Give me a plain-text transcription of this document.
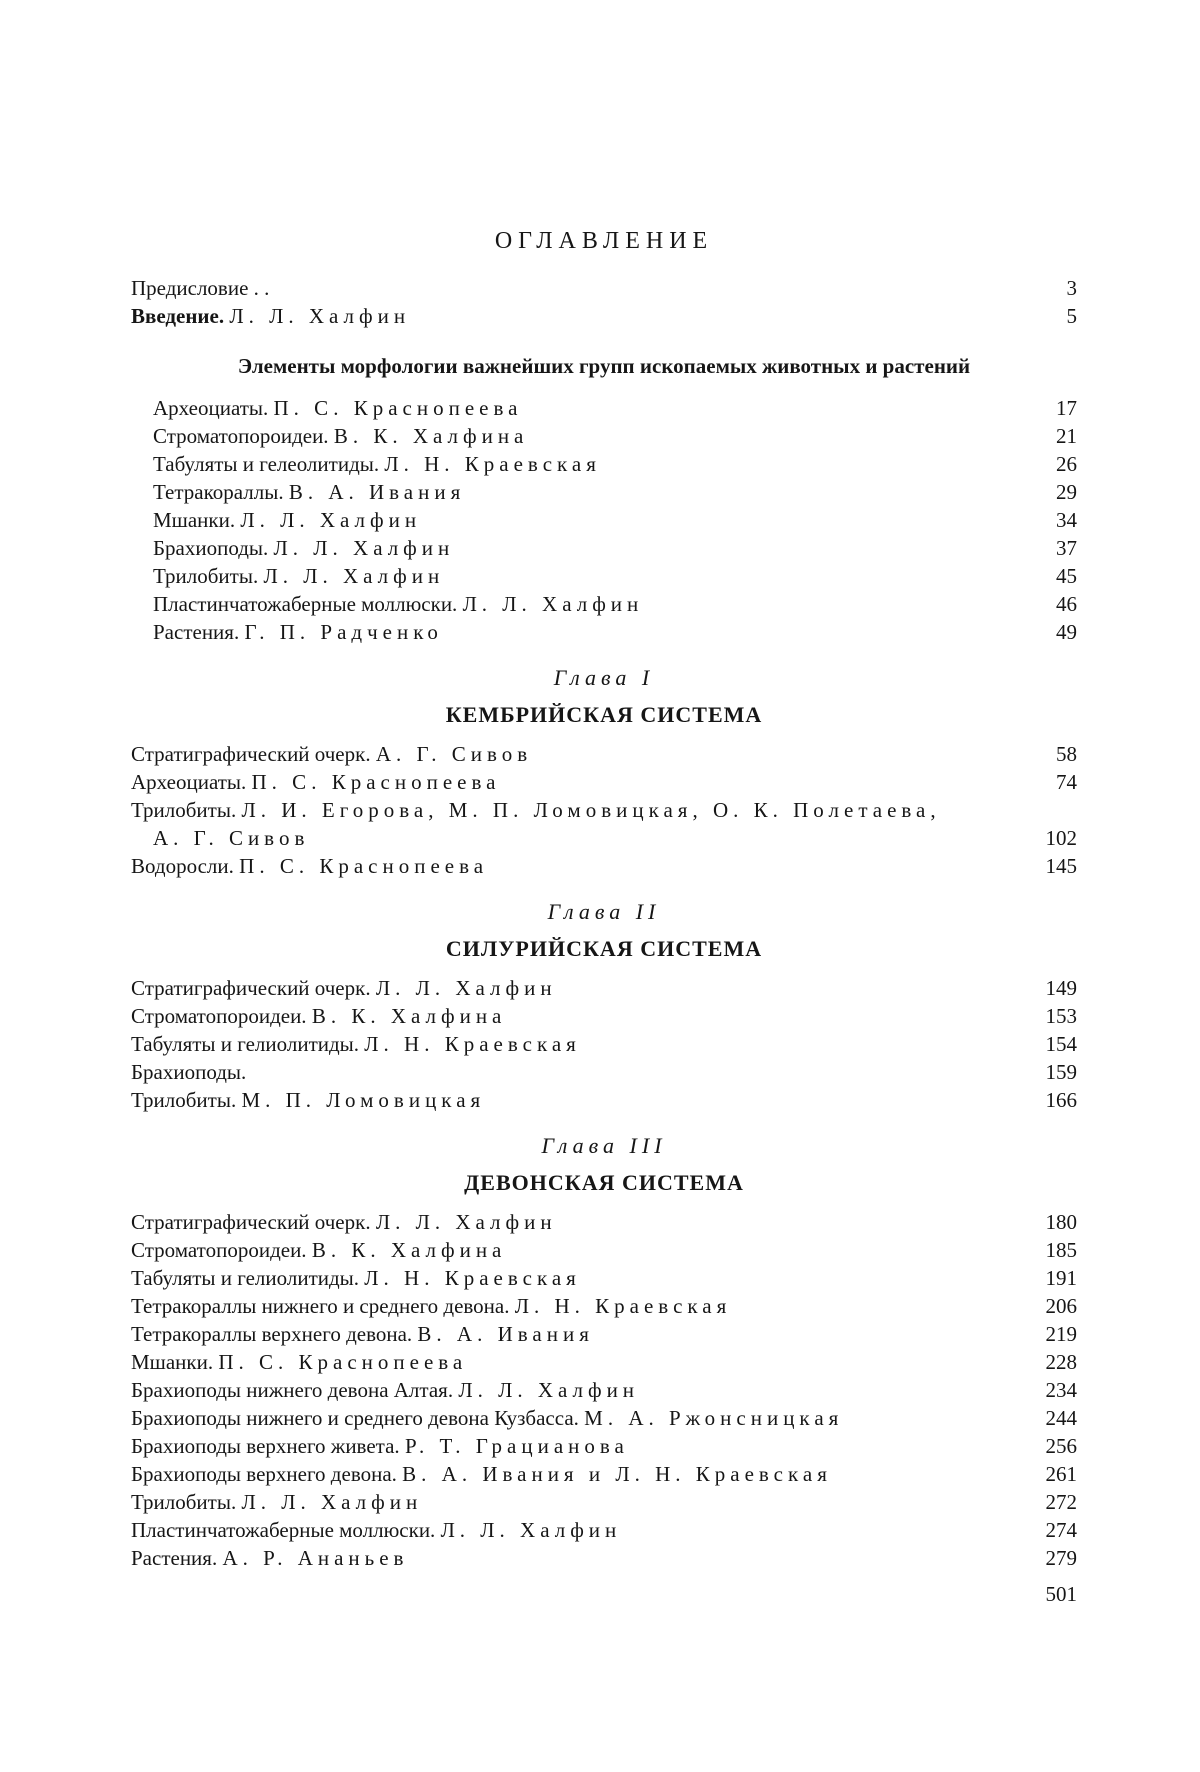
ОГЛАВЛЕНИЕ
Предисловие . .	3
Введение. Л. Л. Халфин	5
Элементы морфологии важнейших групп ископаемых животных и растений
Археоциаты. П. С. Краснопеева	17
Строматопороидеи. В. К. Халфина	21
Табуляты и гелеолитиды. Л. Н. Краевская	26
Тетракораллы. В. А. Ивания	29
Мшанки. Л. Л. Халфин	34
Брахиоподы. Л. Л. Халфин	37
Трилобиты. Л. Л. Халфин	45
Пластинчатожаберные моллюски. Л. Л. Халфин	46
Растения. Г. П. Радченко	49
Глава I
КЕМБРИЙСКАЯ СИСТЕМА
Стратиграфический очерк. А. Г. Сивов	58
Археоциаты. П. С. Краснопеева	74
Трилобиты. Л. И. Егорова, М. П. Ломовицкая, О. К. Полетаева,
А. Г. Сивов	102
Водоросли. П. С. Краснопеева	145
Глава II
СИЛУРИЙСКАЯ СИСТЕМА
Стратиграфический очерк. Л. Л. Халфин	149
Строматопороидеи. В. К. Халфина	153
Табуляты и гелиолитиды. Л. Н. Краевская	154
Брахиоподы.	159
Трилобиты. М. П. Ломовицкая	166
Глава III
ДЕВОНСКАЯ СИСТЕМА
Стратиграфический очерк. Л. Л. Халфин	180
Строматопороидеи. В. К. Халфина	185
Табуляты и гелиолитиды. Л. Н. Краевская	191
Тетракораллы нижнего и среднего девона. Л. Н. Краевская	206
Тетракораллы верхнего девона. В. А. Ивания	219
Мшанки. П. С. Краснопеева	228
Брахиоподы нижнего девона Алтая. Л. Л. Халфин	234
Брахиоподы нижнего и среднего девона Кузбасса. М. А. Ржонсницкая	244
Брахиоподы верхнего живета. Р. Т. Грацианова	256
Брахиоподы верхнего девона. В. А. Ивания и Л. Н. Краевская	261
Трилобиты. Л. Л. Халфин	272
Пластинчатожаберные моллюски. Л. Л. Халфин	274
Растения. А. Р. Ананьев	279
501
